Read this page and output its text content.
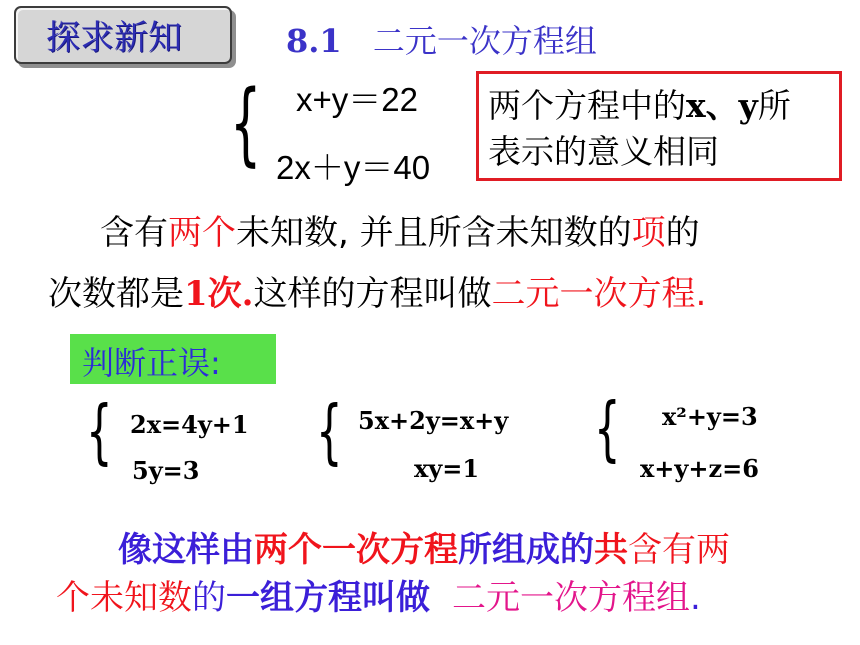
探求新知	8.1 二元一次方程组
{ x+y＝22
2x＋y＝40
两个方程中的x、y所
表示的意义相同
含有两个未知数, 并且所含未知数的项的
次数都是1次.这样的方程叫做二元一次方程.
判断正误:
{ 2x=4y+1
5y=3	{ 5x+2y=x+y
xy=1	{ x²+y=3
x+y+z=6
像这样由两个一次方程所组成的共含有两
个未知数的一组方程叫做 二元一次方程组.
